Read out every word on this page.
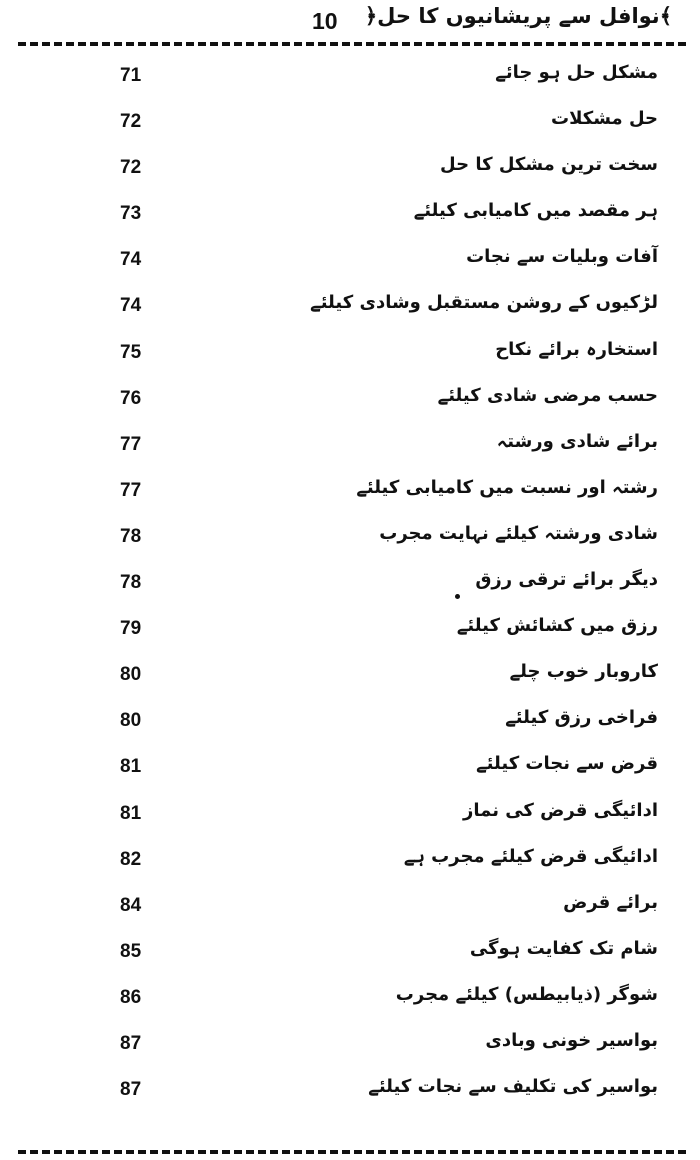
10 ﴾نوافل سے پریشانیوں کا حل﴿
مشکل حل ہو جائے
71
حل مشکلات
72
سخت ترین مشکل کا حل
72
ہر مقصد میں کامیابی کیلئے
73
آفات وبلیات سے نجات
74
لڑکیوں کے روشن مستقبل وشادی کیلئے
74
استخارہ برائے نکاح
75
حسب مرضی شادی کیلئے
76
برائے شادی ورشتہ
77
رشتہ اور نسبت میں کامیابی کیلئے
77
شادی ورشتہ کیلئے نہایت مجرب
78
دیگر برائے ترقی رزق
78
رزق میں کشائش کیلئے
79
کاروبار خوب چلے
80
فراخی رزق کیلئے
80
قرض سے نجات کیلئے
81
ادائیگی قرض کی نماز
81
ادائیگی قرض کیلئے مجرب ہے
82
برائے قرض
84
شام تک کفایت ہوگی
85
شوگر (ذیابیطس) کیلئے مجرب
86
بواسیر خونی وبادی
87
بواسیر کی تکلیف سے نجات کیلئے
87
